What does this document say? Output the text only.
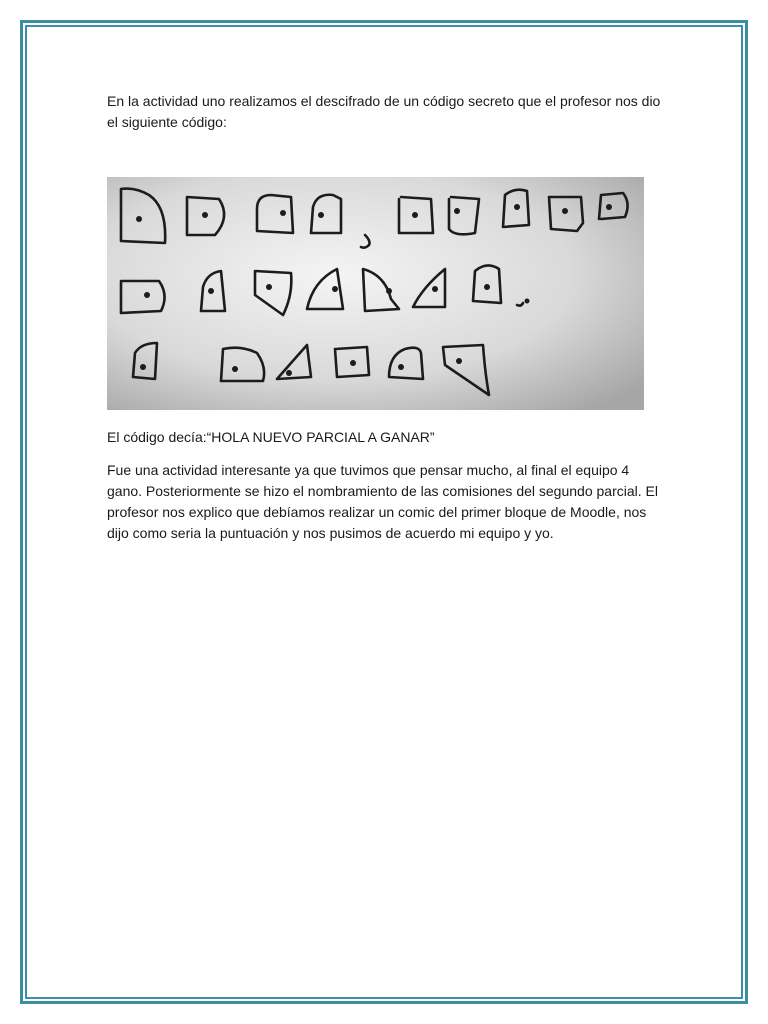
En la actividad uno realizamos el descifrado de un código secreto que el profesor nos dio el siguiente código:

El código decía:“HOLA NUEVO PARCIAL A GANAR”

Fue una actividad interesante ya que tuvimos que pensar mucho, al final el equipo 4 gano. Posteriormente se hizo el nombramiento de las comisiones del segundo parcial. El profesor nos explico que debíamos realizar un comic del primer bloque de Moodle, nos dijo como seria la puntuación y nos pusimos de acuerdo mi equipo y yo.
